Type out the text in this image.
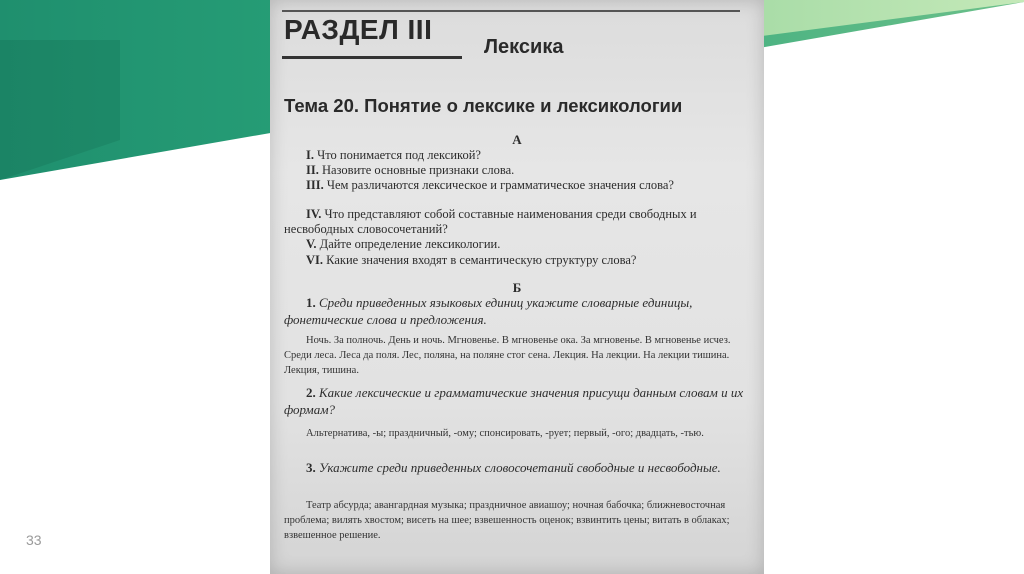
33
РАЗДЕЛ III
Лексика
Тема 20. Понятие о лексике и лексикологии
А

I. Что понимается под лексикой?

II. Назовите основные признаки слова.

III. Чем различаются лексическое и грамматическое значения слова?

IV. Что представляют собой составные наименования среди свободных и несвободных словосочетаний?

V. Дайте определение лексикологии.

VI. Какие значения входят в семантическую структуру слова?

Б

1. Среди приведенных языковых единиц укажите словарные единицы, фонетические слова и предложения.

Ночь. За полночь. День и ночь. Мгновенье. В мгновенье ока. За мгновенье. В мгновенье исчез. Среди леса. Леса да поля. Лес, поляна, на поляне стог сена. Лекция. На лекции. На лекции тишина. Лекция, тишина.

2. Какие лексические и грамматические значения присущи данным словам и их формам?

Альтернатива, -ы; праздничный, -ому; спонсировать, -рует; первый, -ого; двадцать, -тью.

3. Укажите среди приведенных словосочетаний свободные и несвободные.

Театр абсурда; авангардная музыка; праздничное авиашоу; ночная бабочка; ближневосточная проблема; вилять хвостом; висеть на шее; взвешенность оценок; взвинтить цены; витать в облаках; взвешенное решение.
